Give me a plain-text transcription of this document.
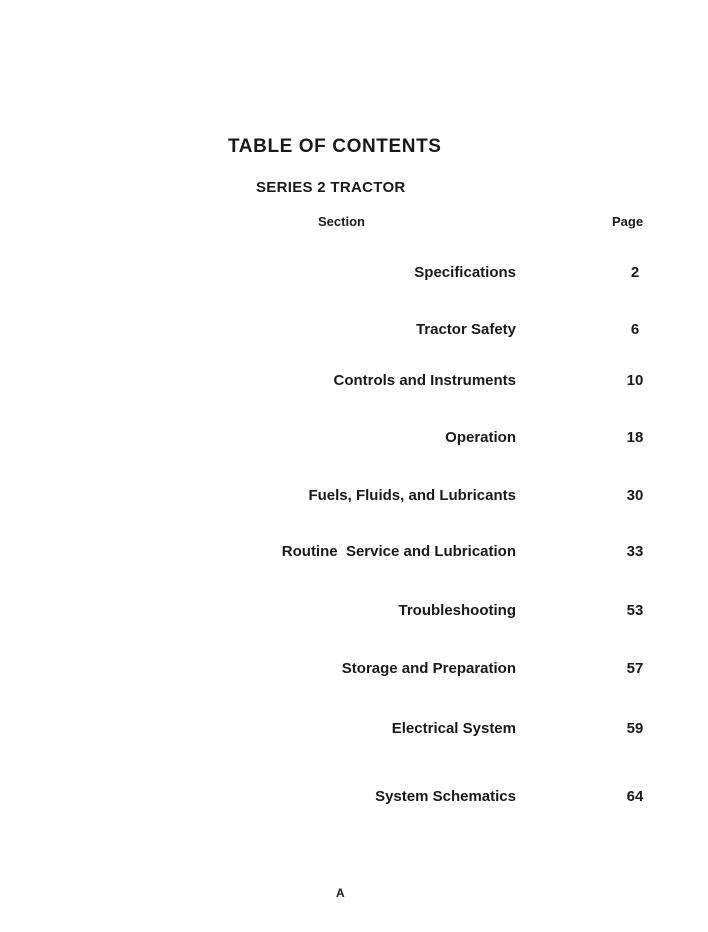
TABLE OF CONTENTS
SERIES 2 TRACTOR
Section	Page
Specifications	2
Tractor Safety	6
Controls and Instruments	10
Operation	18
Fuels, Fluids, and Lubricants	30
Routine  Service and Lubrication	33
Troubleshooting	53
Storage and Preparation	57
Electrical System	59
System Schematics	64
A
